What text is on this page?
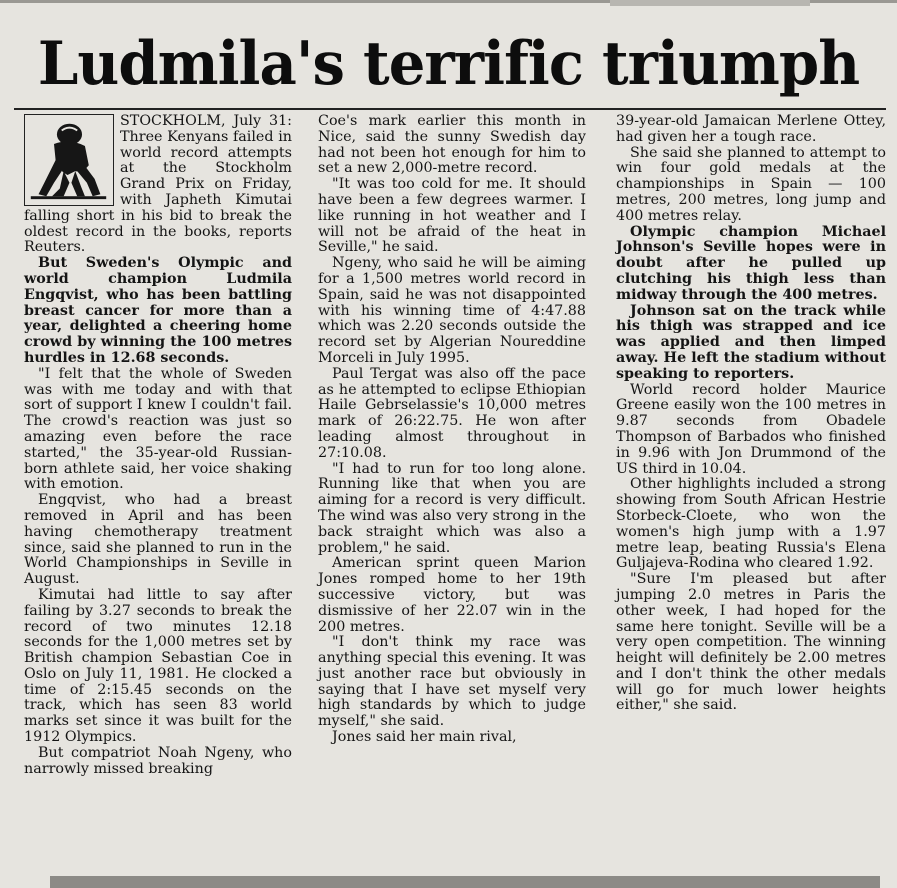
Ludmila's terrific triumph

STOCKHOLM, July 31: Three Kenyans failed in world record attempts at the Stockholm Grand Prix on Friday, with Japheth Kimutai falling short in his bid to break the oldest record in the books, reports Reuters.

But Sweden's Olympic and world champion Ludmila Engqvist, who has been battling breast cancer for more than a year, delighted a cheering home crowd by winning the 100 metres hurdles in 12.68 seconds.

"I felt that the whole of Sweden was with me today and with that sort of support I knew I couldn't fail. The crowd's reaction was just so amazing even before the race started," the 35-year-old Russian-born athlete said, her voice shaking with emotion.

Engqvist, who had a breast removed in April and has been having chemotherapy treatment since, said she planned to run in the World Championships in Seville in August.

Kimutai had little to say after failing by 3.27 seconds to break the record of two minutes 12.18 seconds for the 1,000 metres set by British champion Sebastian Coe in Oslo on July 11, 1981. He clocked a time of 2:15.45 seconds on the track, which has seen 83 world marks set since it was built for the 1912 Olympics.

But compatriot Noah Ngeny, who narrowly missed breaking

Coe's mark earlier this month in Nice, said the sunny Swedish day had not been hot enough for him to set a new 2,000-metre record.

"It was too cold for me. It should have been a few degrees warmer. I like running in hot weather and I will not be afraid of the heat in Seville," he said.

Ngeny, who said he will be aiming for a 1,500 metres world record in Spain, said he was not disappointed with his winning time of 4:47.88 which was 2.20 seconds outside the record set by Algerian Noureddine Morceli in July 1995.

Paul Tergat was also off the pace as he attempted to eclipse Ethiopian Haile Gebrselassie's 10,000 metres mark of 26:22.75. He won after leading almost throughout in 27:10.08.

"I had to run for too long alone. Running like that when you are aiming for a record is very difficult. The wind was also very strong in the back straight which was also a problem," he said.

American sprint queen Marion Jones romped home to her 19th successive victory, but was dismissive of her 22.07 win in the 200 metres.

"I don't think my race was anything special this evening. It was just another race but obviously in saying that I have set myself very high standards by which to judge myself," she said.

Jones said her main rival,

39-year-old Jamaican Merlene Ottey, had given her a tough race.

She said she planned to attempt to win four gold medals at the championships in Spain — 100 metres, 200 metres, long jump and 400 metres relay.

Olympic champion Michael Johnson's Seville hopes were in doubt after he pulled up clutching his thigh less than midway through the 400 metres.

Johnson sat on the track while his thigh was strapped and ice was applied and then limped away. He left the stadium without speaking to reporters.

World record holder Maurice Greene easily won the 100 metres in 9.87 seconds from Obadele Thompson of Barbados who finished in 9.96 with Jon Drummond of the US third in 10.04.

Other highlights included a strong showing from South African Hestrie Storbeck-Cloete, who won the women's high jump with a 1.97 metre leap, beating Russia's Elena Guljajeva-Rodina who cleared 1.92.

"Sure I'm pleased but after jumping 2.0 metres in Paris the other week, I had hoped for the same here tonight. Seville will be a very open competition. The winning height will definitely be 2.00 metres and I don't think the other medals will go for much lower heights either," she said.
